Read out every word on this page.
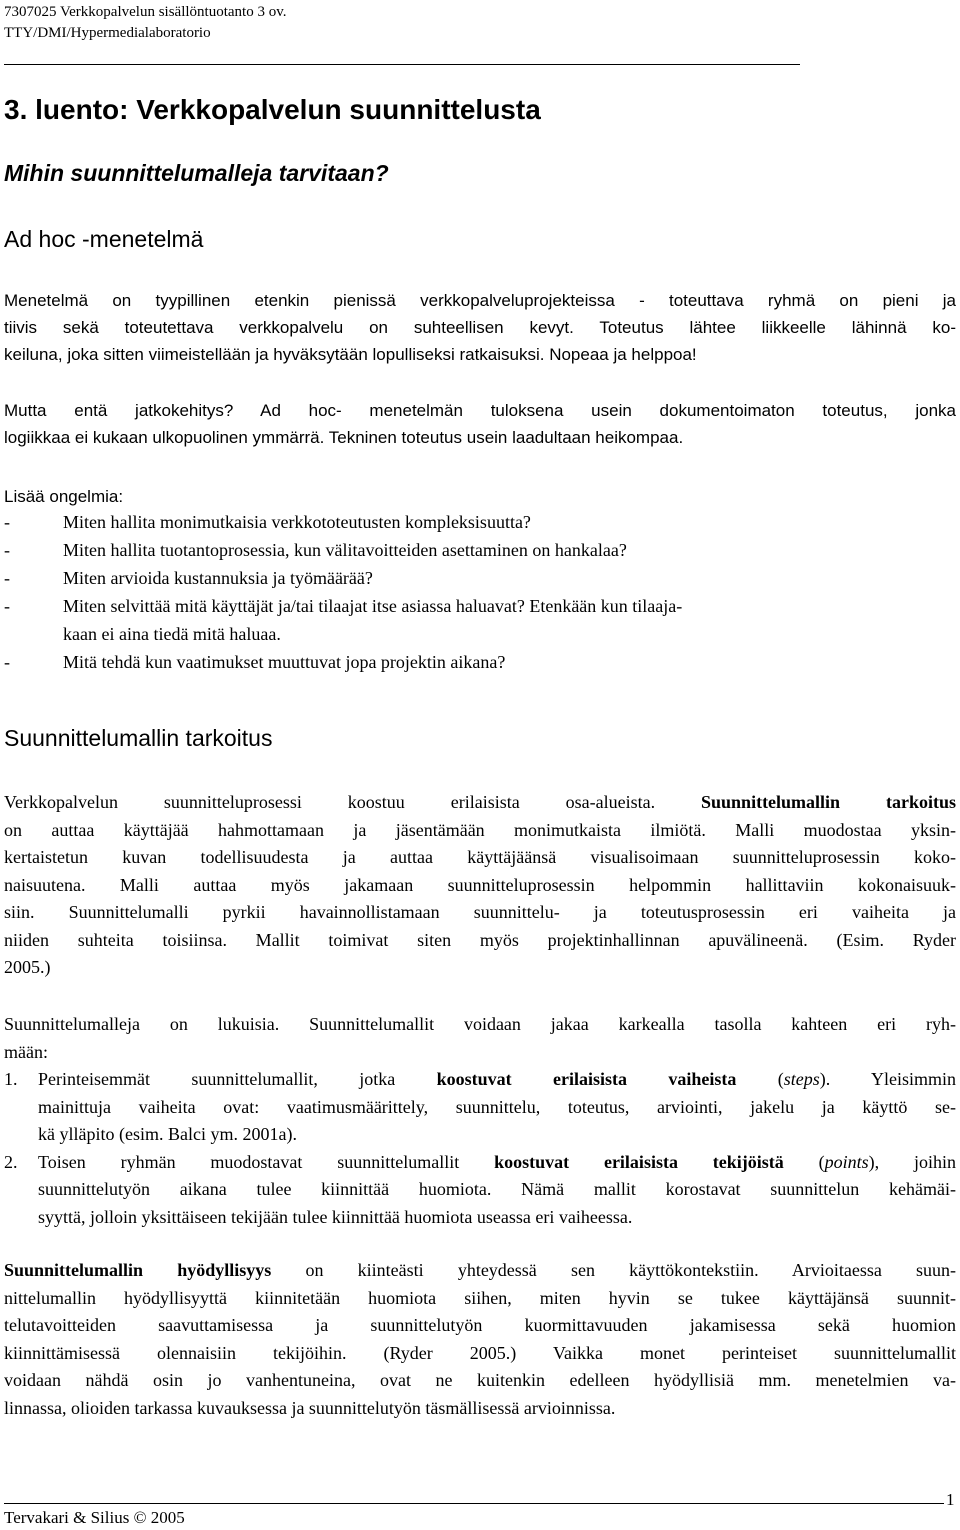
7307025 Verkkopalvelun sisällöntuotanto 3 ov.
TTY/DMI/Hypermedialaboratorio
3. luento: Verkkopalvelun suunnittelusta
Mihin suunnittelumalleja tarvitaan?
Ad hoc -menetelmä
Menetelmä on tyypillinen etenkin pienissä verkkopalveluprojekteissa - toteuttava ryhmä on pieni ja
tiivis sekä toteutettava verkkopalvelu on suhteellisen kevyt. Toteutus lähtee liikkeelle lähinnä ko-
keiluna, joka sitten viimeistellään ja hyväksytään lopulliseksi ratkaisuksi. Nopeaa ja helppoa!
Mutta entä jatkokehitys? Ad hoc- menetelmän tuloksena usein dokumentoimaton toteutus, jonka
logiikkaa ei kukaan ulkopuolinen ymmärrä. Tekninen toteutus usein laadultaan heikompaa.
Lisää ongelmia:
-	Miten hallita monimutkaisia verkkototeutusten kompleksisuutta?
-	Miten hallita tuotantoprosessia, kun välitavoitteiden asettaminen on hankalaa?
-	Miten arvioida kustannuksia ja työmäärää?
-	Miten selvittää mitä käyttäjät ja/tai tilaajat itse asiassa haluavat? Etenkään kun tilaaja-
kaan ei aina tiedä mitä haluaa.
-	Mitä tehdä kun vaatimukset muuttuvat jopa projektin aikana?
Suunnittelumallin tarkoitus
Verkkopalvelun suunnitteluprosessi koostuu erilaisista osa-alueista. Suunnittelumallin tarkoitus
on auttaa käyttäjää hahmottamaan ja jäsentämään monimutkaista ilmiötä. Malli muodostaa yksin-
kertaistetun kuvan todellisuudesta ja auttaa käyttäjäänsä visualisoimaan suunnitteluprosessin koko-
naisuutena. Malli auttaa myös jakamaan suunnitteluprosessin helpommin hallittaviin kokonaisuuk-
siin. Suunnittelumalli pyrkii havainnollistamaan suunnittelu- ja toteutusprosessin eri vaiheita ja
niiden suhteita toisiinsa. Mallit toimivat siten myös projektinhallinnan apuvälineenä. (Esim. Ryder
2005.)
Suunnittelumalleja on lukuisia. Suunnittelumallit voidaan jakaa karkealla tasolla kahteen eri ryh-
mään:
1. Perinteisemmät suunnittelumallit, jotka koostuvat erilaisista vaiheista (steps). Yleisimmin
mainittuja vaiheita ovat: vaatimusmäärittely, suunnittelu, toteutus, arviointi, jakelu ja käyttö se-
kä ylläpito (esim. Balci ym. 2001a).
2. Toisen ryhmän muodostavat suunnittelumallit koostuvat erilaisista tekijöistä (points), joihin
suunnittelutyön aikana tulee kiinnittää huomiota. Nämä mallit korostavat suunnittelun kehämäi-
syyttä, jolloin yksittäiseen tekijään tulee kiinnittää huomiota useassa eri vaiheessa.
Suunnittelumallin hyödyllisyys on kiinteästi yhteydessä sen käyttökontekstiin. Arvioitaessa suun-
nittelumallin hyödyllisyyttä kiinnitetään huomiota siihen, miten hyvin se tukee käyttäjänsä suunnit-
telutavoitteiden saavuttamisessa ja suunnittelutyön kuormittavuuden jakamisessa sekä huomion
kiinnittämisessä olennaisiin tekijöihin. (Ryder 2005.) Vaikka monet perinteiset suunnittelumallit
voidaan nähdä osin jo vanhentuneina, ovat ne kuitenkin edelleen hyödyllisiä mm. menetelmien va-
linnassa, olioiden tarkassa kuvauksessa ja suunnittelutyön täsmällisessä arvioinnissa.
Tervakari & Silius © 2005
1
